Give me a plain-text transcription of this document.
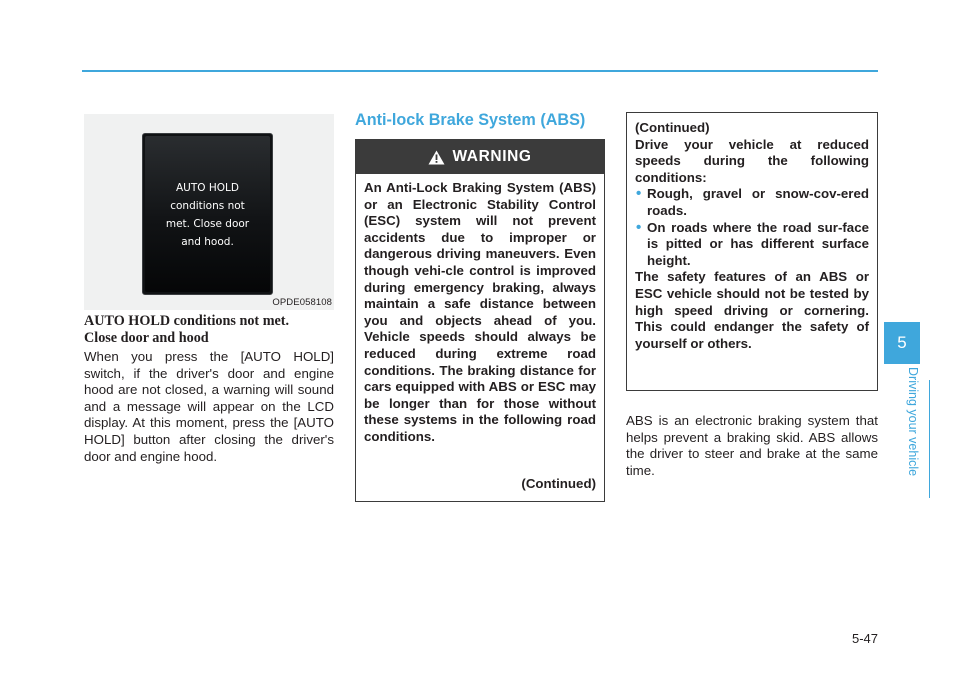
AUTO HOLD
conditions not
met. Close door
and hood.
OPDE058108
AUTO HOLD conditions not met.
Close door and hood
When you press the [AUTO HOLD] switch, if the driver's door and engine hood are not closed, a warning will sound and a message will appear on the LCD display. At this moment, press the [AUTO HOLD] button after closing the driver's door and engine hood.
Anti-lock Brake System (ABS)
WARNING
An Anti-Lock Braking System (ABS) or an Electronic Stability Control (ESC) system will not prevent accidents due to improper or dangerous driving maneuvers. Even though vehi-cle control is improved during emergency braking, always maintain a safe distance between you and objects ahead of you. Vehicle speeds should always be reduced during extreme road conditions. The braking distance for cars equipped with ABS or ESC may be longer than for those without these systems in the following road conditions.
(Continued)
(Continued)
Drive your vehicle at reduced speeds during the following conditions:
• Rough, gravel or snow-cov-ered roads.
• On roads where the road sur-face is pitted or has different surface height.
The safety features of an ABS or ESC vehicle should not be tested by high speed driving or cornering. This could endanger the safety of yourself or others.
ABS is an electronic braking system that helps prevent a braking skid. ABS allows the driver to steer and brake at the same time.
5
Driving your vehicle
5-47
